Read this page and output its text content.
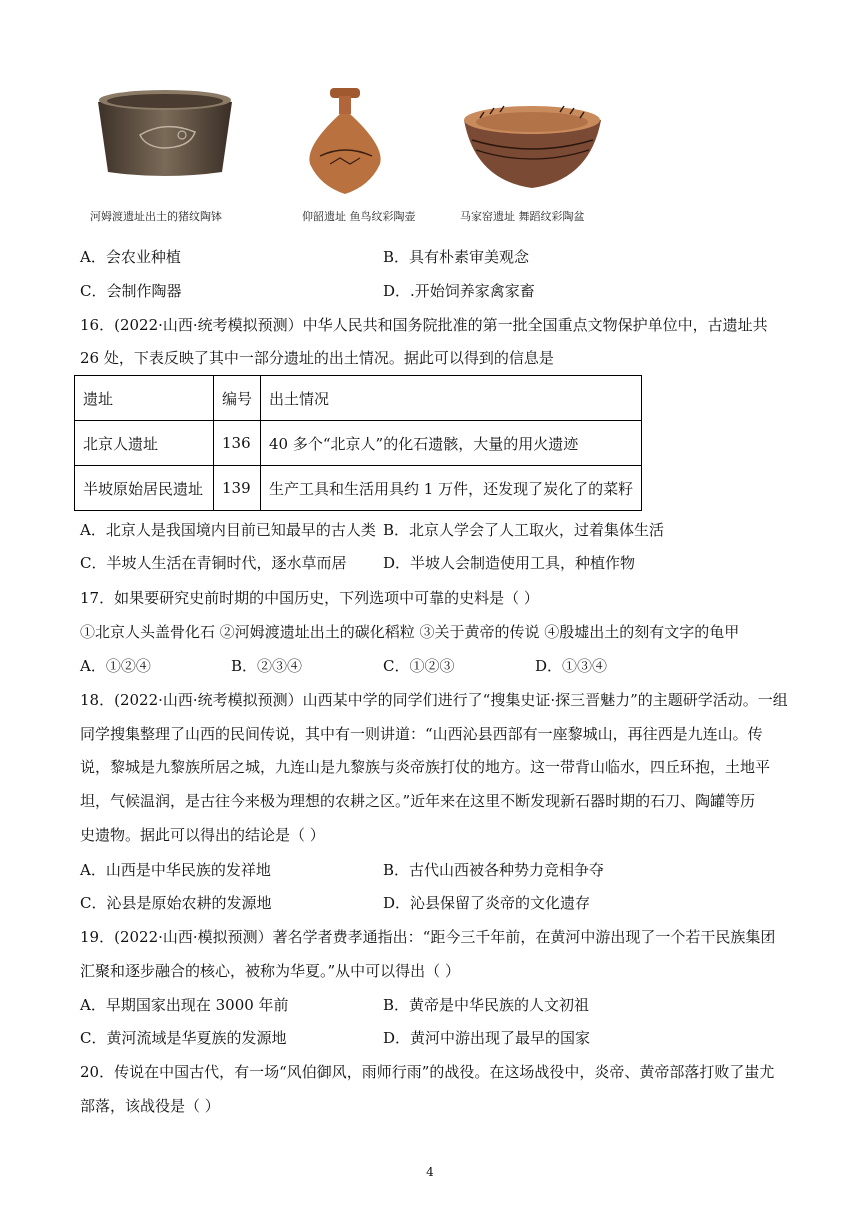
河姆渡遗址出土的猪纹陶钵	仰韶遗址 鱼鸟纹彩陶壶	马家窑遗址 舞蹈纹彩陶盆
A．会农业种植	B．具有朴素审美观念
C．会制作陶器	D．.开始饲养家禽家畜
16．(2022·山西·统考模拟预测）中华人民共和国务院批准的第一批全国重点文物保护单位中，古遗址共
26 处，下表反映了其中一部分遗址的出土情况。据此可以得到的信息是
遗址	编号	出土情况
北京人遗址	136	40 多个“北京人”的化石遗骸，大量的用火遗迹
半坡原始居民遗址	139	生产工具和生活用具约 1 万件，还发现了炭化了的菜籽
A．北京人是我国境内目前已知最早的古人类 B．北京人学会了人工取火，过着集体生活
C．半坡人生活在青铜时代，逐水草而居 D．半坡人会制造使用工具，种植作物
17．如果要研究史前时期的中国历史，下列选项中可靠的史料是（ ）
①北京人头盖骨化石 ②河姆渡遗址出土的碳化稻粒 ③关于黄帝的传说 ④殷墟出土的刻有文字的龟甲
A．①②④	B．②③④	C．①②③	D．①③④
18．(2022·山西·统考模拟预测）山西某中学的同学们进行了“搜集史证·探三晋魅力”的主题研学活动。一组
同学搜集整理了山西的民间传说，其中有一则讲道：“山西沁县西部有一座黎城山，再往西是九连山。传
说，黎城是九黎族所居之城，九连山是九黎族与炎帝族打仗的地方。这一带背山临水，四丘环抱，土地平
坦，气候温润，是古往今来极为理想的农耕之区。”近年来在这里不断发现新石器时期的石刀、陶罐等历
史遗物。据此可以得出的结论是（ ）
A．山西是中华民族的发祥地	B．古代山西被各种势力竞相争夺
C．沁县是原始农耕的发源地	D．沁县保留了炎帝的文化遗存
19．(2022·山西·模拟预测）著名学者费孝通指出：“距今三千年前，在黄河中游出现了一个若干民族集团
汇聚和逐步融合的核心，被称为华夏。”从中可以得出（ ）
A．早期国家出现在 3000 年前	B．黄帝是中华民族的人文初祖
C．黄河流域是华夏族的发源地	D．黄河中游出现了最早的国家
20．传说在中国古代，有一场“风伯御风，雨师行雨”的战役。在这场战役中，炎帝、黄帝部落打败了蚩尤
部落，该战役是（ ）
4
